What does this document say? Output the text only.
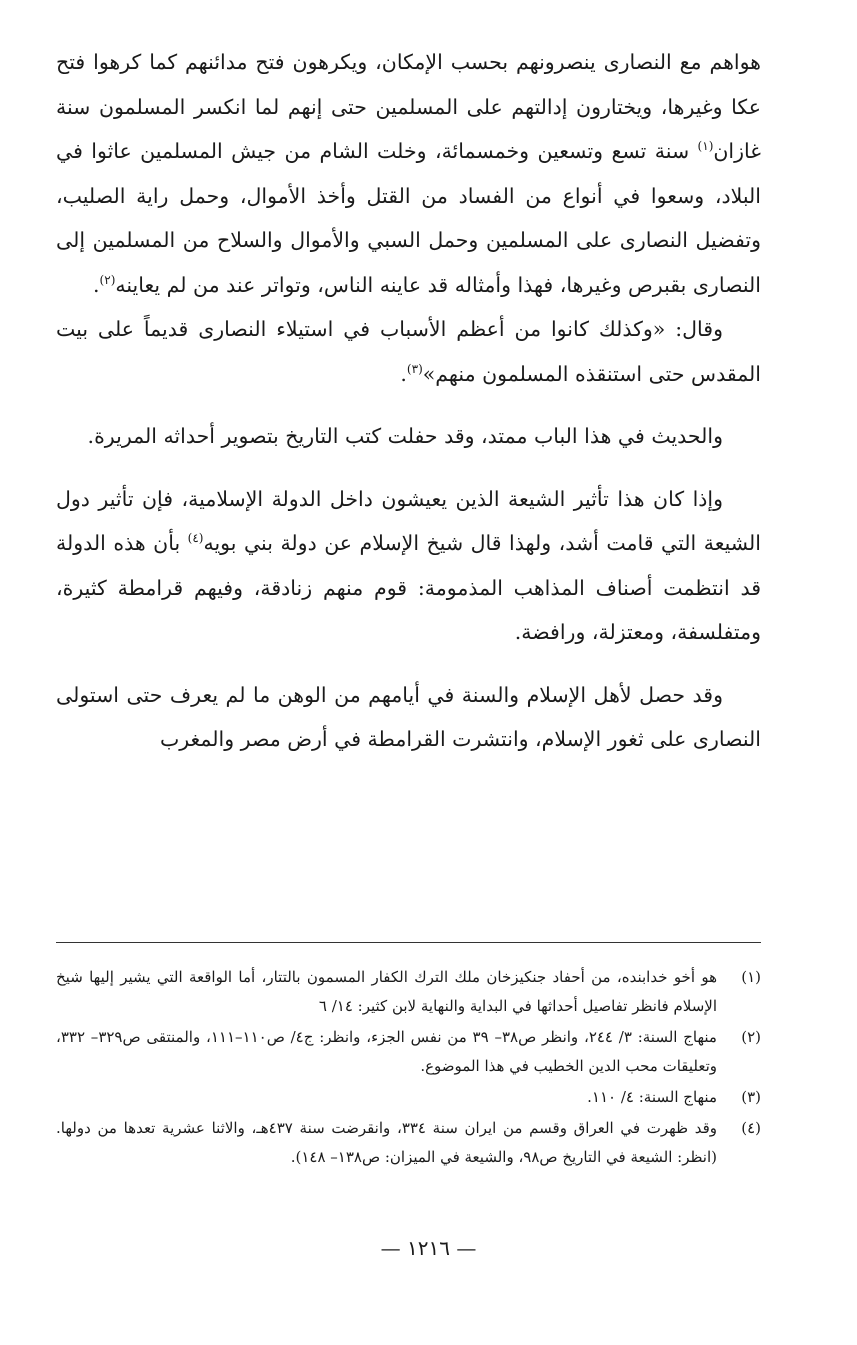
هواهم مع النصارى ينصرونهم بحسب الإمكان، ويكرهون فتح مدائنهم كما كرهوا فتح عكا وغيرها، ويختارون إدالتهم على المسلمين حتى إنهم لما انكسر المسلمون سنة غازان$^{(١)}$ سنة تسع وتسعين وخمسمائة، وخلت الشام من جيش المسلمين عاثوا في البلاد، وسعوا في أنواع من الفساد من القتل وأخذ الأموال، وحمل راية الصليب، وتفضيل النصارى على المسلمين وحمل السبي والأموال والسلاح من المسلمين إلى النصارى بقبرص وغيرها، فهذا وأمثاله قد عاينه الناس، وتواتر عند من لم يعاينه$^{(٢)}$.

وقال: «وكذلك كانوا من أعظم الأسباب في استيلاء النصارى قديماً على بيت المقدس حتى استنقذه المسلمون منهم»$^{(٣)}$.

والحديث في هذا الباب ممتد، وقد حفلت كتب التاريخ بتصوير أحداثه المريرة.

وإذا كان هذا تأثير الشيعة الذين يعيشون داخل الدولة الإسلامية، فإن تأثير دول الشيعة التي قامت أشد، ولهذا قال شيخ الإسلام عن دولة بني بويه$^{(٤)}$ بأن هذه الدولة قد انتظمت أصناف المذاهب المذمومة: قوم منهم زنادقة، وفيهم قرامطة كثيرة، ومتفلسفة، ومعتزلة، ورافضة.

وقد حصل لأهل الإسلام والسنة في أيامهم من الوهن ما لم يعرف حتى استولى النصارى على ثغور الإسلام، وانتشرت القرامطة في أرض مصر والمغرب

(١)
هو أخو خدابنده، من أحفاد جنكيزخان ملك الترك الكفار المسمون بالتتار، أما الواقعة التي يشير إليها شيخ الإسلام فانظر تفاصيل أحداثها في البداية والنهاية لابن كثير: ١٤/ ٦
(٢)
منهاج السنة: ٣/ ٢٤٤، وانظر ص٣٨– ٣٩ من نفس الجزء، وانظر: ج٤/ ص١١٠–١١١، والمنتقى ص٣٢٩– ٣٣٢، وتعليقات محب الدين الخطيب في هذا الموضوع.
(٣)
منهاج السنة: ٤/ ١١٠.
(٤)
وقد ظهرت في العراق وقسم من ايران سنة ٣٣٤، وانقرضت سنة ٤٣٧هـ، والاثنا عشرية تعدها من دولها. (انظر: الشيعة في التاريخ ص٩٨، والشيعة في الميزان: ص١٣٨– ١٤٨).
— ١٢١٦ —
